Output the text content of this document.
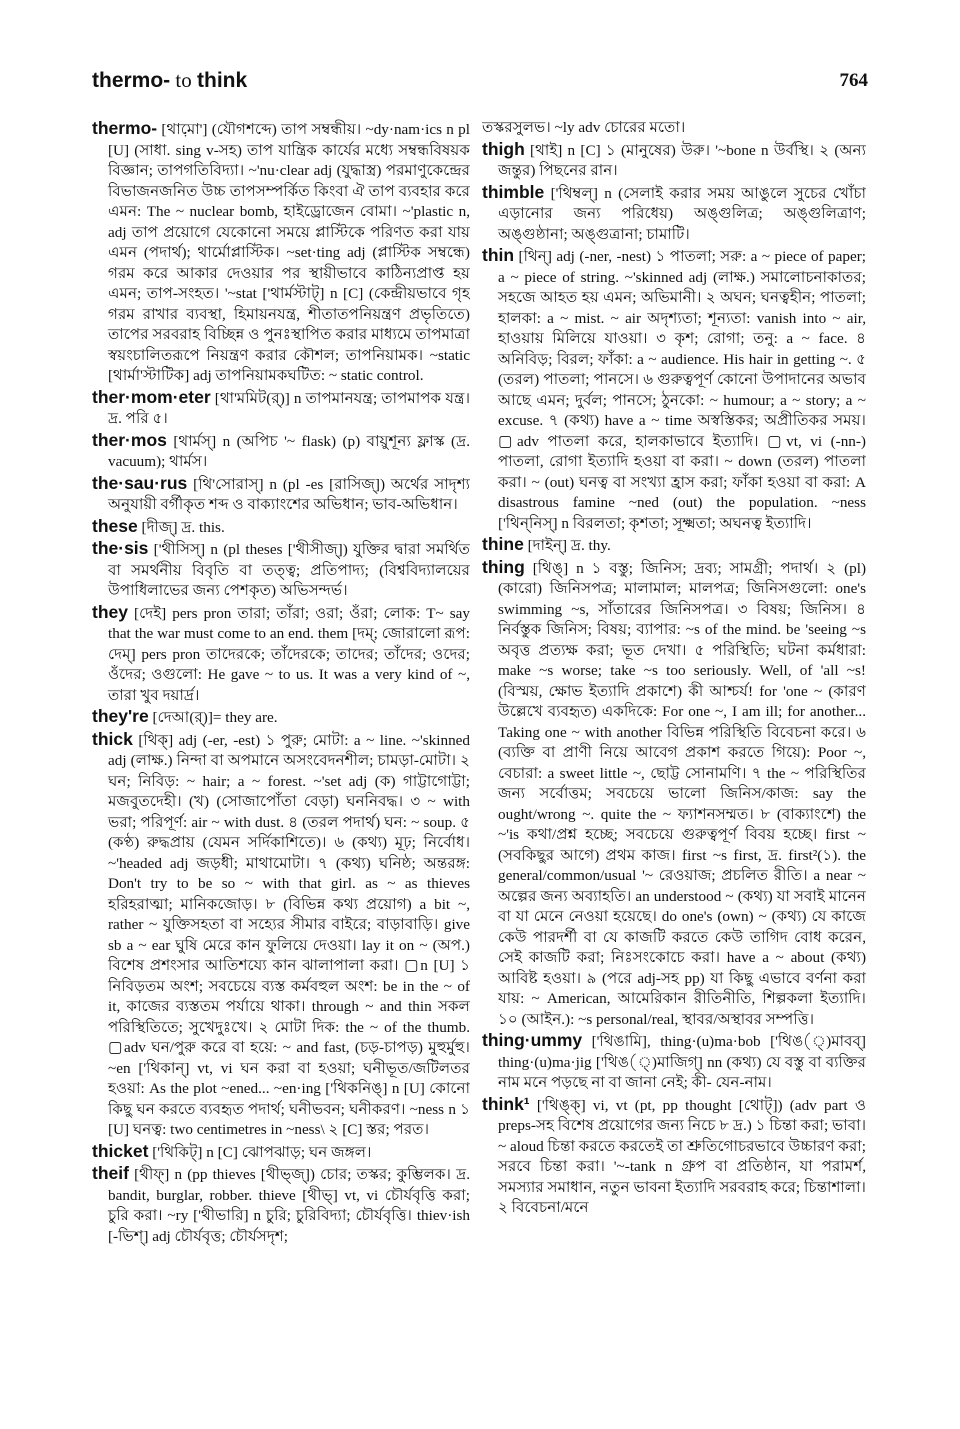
thermo- to think	764
thermo- [থা়মো'] (যৌগশব্দে) তাপ সম্বন্ধীয়। ~dy·nam·ics n pl [U] (সাধা. sing v-সহ) তাপ যান্ত্রিক কার্যের মধ্যে সম্বন্ধবিষয়ক বিজ্ঞান; তাপগতিবিদ্যা। ~'nu·clear adj (যুদ্ধাস্ত্র) পরমাণুকেন্দ্রের বিভাজনজনিত উচ্চ তাপসম্পর্কিত কিংবা ঐ তাপ ব্যবহার করে এমন: The ~ nuclear bomb, হাইড্রোজেন বোমা। ~'plastic n, adj তাপ প্রয়োগে যেকোনো সময়ে প্লাস্টিকে পরিণত করা যায় এমন (পদার্থ); থার্মোপ্লাস্টিক। ~set·ting adj (প্লাস্টিক সম্বন্ধে) গরম করে আকার দেওয়ার পর স্থায়ীভাবে কাঠিন্যপ্রাপ্ত হয় এমন; তাপ-সংহত। '~stat ['থার্মস্টাট্] n [C] (কেন্দ্রীয়ভাবে গৃহ গরম রাখার ব্যবস্থা, হিমায়নযন্ত্র, শীতাতপনিয়ন্ত্রণ প্রভৃতিতে) তাপের সরবরাহ বিচ্ছিন্ন ও পুনঃস্থাপিত করার মাধ্যমে তাপমাত্রা স্বয়ংচালিতরূপে নিয়ন্ত্রণ করার কৌশল; তাপনিয়ামক। ~static [থার্মা'স্টাটিক] adj তাপনিয়ামকঘটিত: ~ static control.
ther·mom·eter [থা'মমিট(র্)] n তাপমানযন্ত্র; তাপমাপক যন্ত্র। দ্র. পরি ৫।
ther·mos [থার্মস্] n (অপিচ '~ flask) (p) বায়ুশূন্য ফ্লাস্ক (দ্র. vacuum); থার্মস।
the·sau·rus [থি'সোরাস্] n (pl -es [রাসিজ্]) অর্থের সাদৃশ্য অনুযায়ী বর্গীকৃত শব্দ ও বাক্যাংশের অভিধান; ভাব-অভিধান।
these [দীজ্] দ্র. this.
the·sis ['থীসিস্] n (pl theses ['থীসীজ্]) যুক্তির দ্বারা সমর্থিত বা সমর্থনীয় বিবৃতি বা তত্ত্ব; প্রতিপাদ্য; (বিশ্ববিদ্যালয়ের উপাধিলাভের জন্য পেশকৃত) অভিসন্দর্ভ।
they [দেই] pers pron তারা; তাঁরা; ওরা; ওঁরা; লোক: T~ say that the war must come to an end. them [দম্; জোরালো রূপ: দেম্] pers pron তাদেরকে; তাঁদেরকে; তাদের; তাঁদের; ওদের; ওঁদের; ওগুলো: He gave ~ to us. It was a very kind of ~, তারা খুব দয়ার্দ্র।
they're [দেআ(র্)]= they are.
thick [থিক্] adj (-er, -est) ১ পুরু; মোটা: a ~ line. ~'skinned adj (লাক্ষ.) নিন্দা বা অপমানে অসংবেদনশীল; চামড়া-মোটা। ২ ঘন; নিবিড়: ~ hair; a ~ forest. ~'set adj (ক) গাট্টাগোট্টা; মজবুতদেহী। (খ) (সোজাপোঁতা বেড়া) ঘননিবদ্ধ। ৩ ~ with ভরা; পরিপূর্ণ: air ~ with dust. ৪ (তরল পদার্থ) ঘন: ~ soup. ৫ (কণ্ঠ) রুদ্ধপ্রায় (যেমন সর্দিকাশিতে)। ৬ (কথ্য) মূঢ়; নির্বোধ। ~'headed adj জড়ধী; মাথামোটা। ৭ (কথ্য) ঘনিষ্ঠ; অন্তরঙ্গ: Don't try to be so ~ with that girl. as ~ as thieves হরিহরাত্মা; মানিকজোড়। ৮ (বিভিন্ন কথ্য প্রয়োগ) a bit ~, rather ~ যুক্তিসহতা বা সহ্যের সীমার বাইরে; বাড়াবাড়ি। give sb a ~ ear ঘুষি মেরে কান ফুলিয়ে দেওয়া। lay it on ~ (অপ.) বিশেষ প্রশংসার আতিশয্যে কান ঝালাপালা করা। ▢n [U] ১ নিবিড়তম অংশ; সবচেয়ে ব্যস্ত কর্মবহুল অংশ: be in the ~ of it, কাজের ব্যস্ততম পর্যায়ে থাকা। through ~ and thin সকল পরিস্থিতিতে; সুখেদুঃখে। ২ মোটা দিক: the ~ of the thumb. ▢adv ঘন/পুরু করে বা হয়ে: ~ and fast, (চড়-চাপড়) মুহুর্মুহু। ~en ['থিকান্] vt, vi ঘন করা বা হওয়া; ঘনীভূত/জটিলতর হওয়া: As the plot ~ened... ~en·ing ['থিকনিঙ্] n [U] কোনো কিছু ঘন করতে ব্যবহৃত পদার্থ; ঘনীভবন; ঘনীকরণ। ~ness n ১ [U] ঘনত্ব: two centimetres in ~ness\ ২ [C] স্তর; পরত।
thicket ['থিকিট্] n [C] ঝোপঝাড়; ঘন জঙ্গল।
theif [থীফ্] n (pp thieves [থীভ্জ্]) চোর; তস্কর; কুম্ভিলক। দ্র. bandit, burglar, robber. thieve [থীভ্] vt, vi চৌর্যবৃত্তি করা; চুরি করা। ~ry ['থীভারি] n চুরি; চুরিবিদ্যা; চৌর্যবৃত্তি। thiev·ish [-ভিশ্] adj চৌর্যবৃত্ত; চৌর্যসদৃশ;
তস্করসুলভ। ~ly adv চোরের মতো।
thigh [থাই] n [C] ১ (মানুষের) উরু। '~bone n উর্বস্থি। ২ (অন্য জন্তুর) পিছনের রান।
thimble ['থিম্বল্] n (সেলাই করার সময় আঙুলে সুচের খোঁচা এড়ানোর জন্য পরিধেয়) অঙ্গুলিত্র; অঙ্গুলিত্রাণ; অঙ্গুষ্ঠানা; অঙ্গুত্রানা; চামাটি।
thin [থিন্] adj (-ner, -nest) ১ পাতলা; সরু: a ~ piece of paper; a ~ piece of string. ~'skinned adj (লাক্ষ.) সমালোচনাকাতর; সহজে আহত হয় এমন; অভিমানী। ২ অঘন; ঘনত্বহীন; পাতলা; হালকা: a ~ mist. ~ air অদৃশ্যতা; শূন্যতা: vanish into ~ air, হাওয়ায় মিলিয়ে যাওয়া। ৩ কৃশ; রোগা; তনু: a ~ face. ৪ অনিবিড়; বিরল; ফাঁকা: a ~ audience. His hair in getting ~. ৫ (তরল) পাতলা; পানসে। ৬ গুরুত্বপূর্ণ কোনো উপাদানের অভাব আছে এমন; দুর্বল; পানসে; ঠুনকো: ~ humour; a ~ story; a ~ excuse. ৭ (কথ্য) have a ~ time অস্বস্তিকর; অপ্রীতিকর সময়। ▢adv পাতলা করে, হালকাভাবে ইত্যাদি। ▢vt, vi (-nn-) পাতলা, রোগা ইত্যাদি হওয়া বা করা। ~ down (তরল) পাতলা করা। ~ (out) ঘনত্ব বা সংখ্যা হ্রাস করা; ফাঁকা হওয়া বা করা: A disastrous famine ~ned (out) the population. ~ness ['থিন্‌নিস্] n বিরলতা; কৃশতা; সূক্ষ্মতা; অঘনত্ব ইত্যাদি।
thine [দাইন্] দ্র. thy.
thing [থিঙ্] n ১ বস্তু; জিনিস; দ্রব্য; সামগ্রী; পদার্থ। ২ (pl) (কারো) জিনিসপত্র; মালামাল; মালপত্র; জিনিসগুলো: one's swimming ~s, সাঁতারের জিনিসপত্র। ৩ বিষয়; জিনিস। ৪ নির্বস্তুক জিনিস; বিষয়; ব্যাপার: ~s of the mind. be 'seeing ~s অবৃত্ত প্রত্যক্ষ করা; ভূত দেখা। ৫ পরিস্থিতি; ঘটনা কর্মধারা: make ~s worse; take ~s too seriously. Well, of 'all ~s! (বিস্ময়, ক্ষোভ ইত্যাদি প্রকাশে) কী আশ্চর্য! for 'one ~ (কারণ উল্লেখে ব্যবহৃত) একদিকে: For one ~, I am ill; for another... Taking one ~ with another বিভিন্ন পরিস্থিতি বিবেচনা করে। ৬ (ব্যক্তি বা প্রাণী নিয়ে আবেগ প্রকাশ করতে গিয়ে): Poor ~, বেচারা: a sweet little ~, ছোট্ট সোনামণি। ৭ the ~ পরিস্থিতির জন্য সর্বোত্তম; সবচেয়ে ভালো জিনিস/কাজ: say the ought/wrong ~. quite the ~ ফ্যাশনসম্মত। ৮ (বাক্যাংশে) the ~'is কথা/প্রশ্ন হচ্ছে; সবচেয়ে গুরুত্বপূর্ণ বিবয় হচ্ছে। first ~ (সবকিছুর আগে) প্রথম কাজ। first ~s first, দ্র. first²(১). the general/common/usual '~ রেওয়াজ; প্রচলিত রীতি। a near ~ অল্পের জন্য অব্যাহতি। an understood ~ (কথ্য) যা সবাই মানেন বা যা মেনে নেওয়া হয়েছে। do one's (own) ~ (কথ্য) যে কাজে কেউ পারদর্শী বা যে কাজটি করতে কেউ তাগিদ বোধ করেন, সেই কাজটি করা; নিঃসংকোচে করা। have a ~ about (কথ্য) আবিষ্ট হওয়া। ৯ (পরে adj-সহ pp) যা কিছু এভাবে বর্ণনা করা যায়: ~ American, আমেরিকান রীতিনীতি, শিল্পকলা ইত্যাদি। ১০ (আইন.): ~s personal/real, স্থাবর/অস্থাবর সম্পত্তি।
thing·ummy ['থিঙামি], thing·(u)ma·bob ['থিঙ(্)মাবব্] thing·(u)ma·jig ['থিঙ(্)মাজিগ্] nn (কথ্য) যে বস্তু বা ব্যক্তির নাম মনে পড়ছে না বা জানা নেই; কী- যেন-নাম।
think¹ ['থিঙ্ক্] vi, vt (pt, pp thought [থোট্]) (adv part ও preps-সহ বিশেষ প্রয়োগের জন্য নিচে ৮ দ্র.) ১ চিন্তা করা; ভাবা। ~ aloud চিন্তা করতে করতেই তা শ্রুতিগোচরভাবে উচ্চারণ করা; সরবে চিন্তা করা। '~-tank n গ্রুপ বা প্রতিষ্ঠান, যা পরামর্শ, সমস্যার সমাধান, নতুন ভাবনা ইত্যাদি সরবরাহ করে; চিন্তাশালা। ২ বিবেচনা/মনে
